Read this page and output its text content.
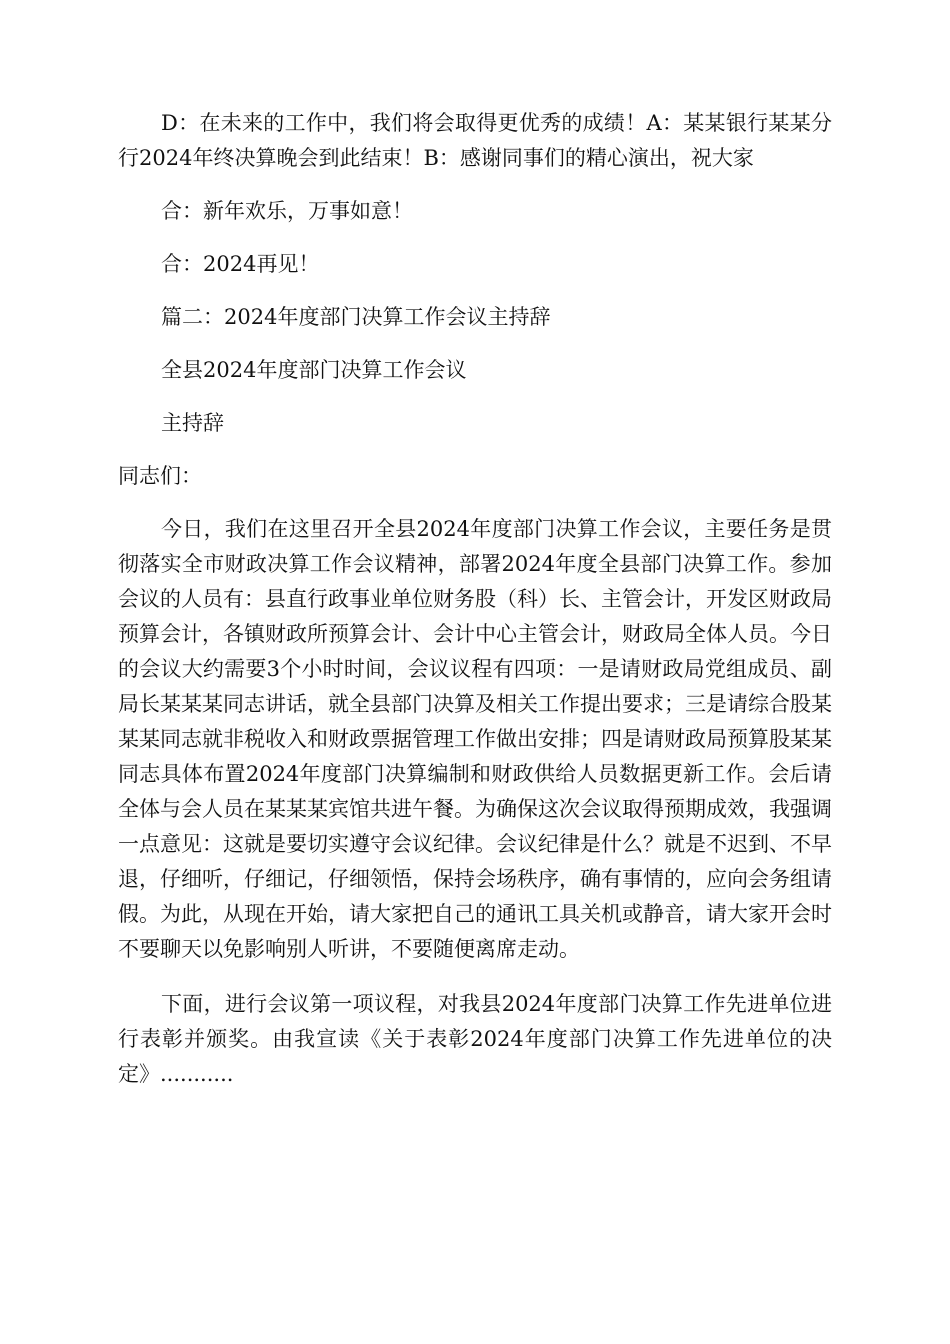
D：在未来的工作中，我们将会取得更优秀的成绩！A：某某银行某某分行2024年终决算晚会到此结束！B：感谢同事们的精心演出，祝大家

合：新年欢乐，万事如意！

合：2024再见！

篇二：2024年度部门决算工作会议主持辞

全县2024年度部门决算工作会议

主持辞

同志们：

今日，我们在这里召开全县2024年度部门决算工作会议，主要任务是贯彻落实全市财政决算工作会议精神，部署2024年度全县部门决算工作。参加会议的人员有：县直行政事业单位财务股（科）长、主管会计，开发区财政局预算会计，各镇财政所预算会计、会计中心主管会计，财政局全体人员。今日的会议大约需要3个小时时间，会议议程有四项：一是请财政局党组成员、副局长某某某同志讲话，就全县部门决算及相关工作提出要求；三是请综合股某某某同志就非税收入和财政票据管理工作做出安排；四是请财政局预算股某某同志具体布置2024年度部门决算编制和财政供给人员数据更新工作。会后请全体与会人员在某某某宾馆共进午餐。为确保这次会议取得预期成效，我强调一点意见：这就是要切实遵守会议纪律。会议纪律是什么？就是不迟到、不早退，仔细听，仔细记，仔细领悟，保持会场秩序，确有事情的，应向会务组请假。为此，从现在开始，请大家把自己的通讯工具关机或静音，请大家开会时不要聊天以免影响别人听讲，不要随便离席走动。

下面，进行会议第一项议程，对我县2024年度部门决算工作先进单位进行表彰并颁奖。由我宣读《关于表彰2024年度部门决算工作先进单位的决定》...........
